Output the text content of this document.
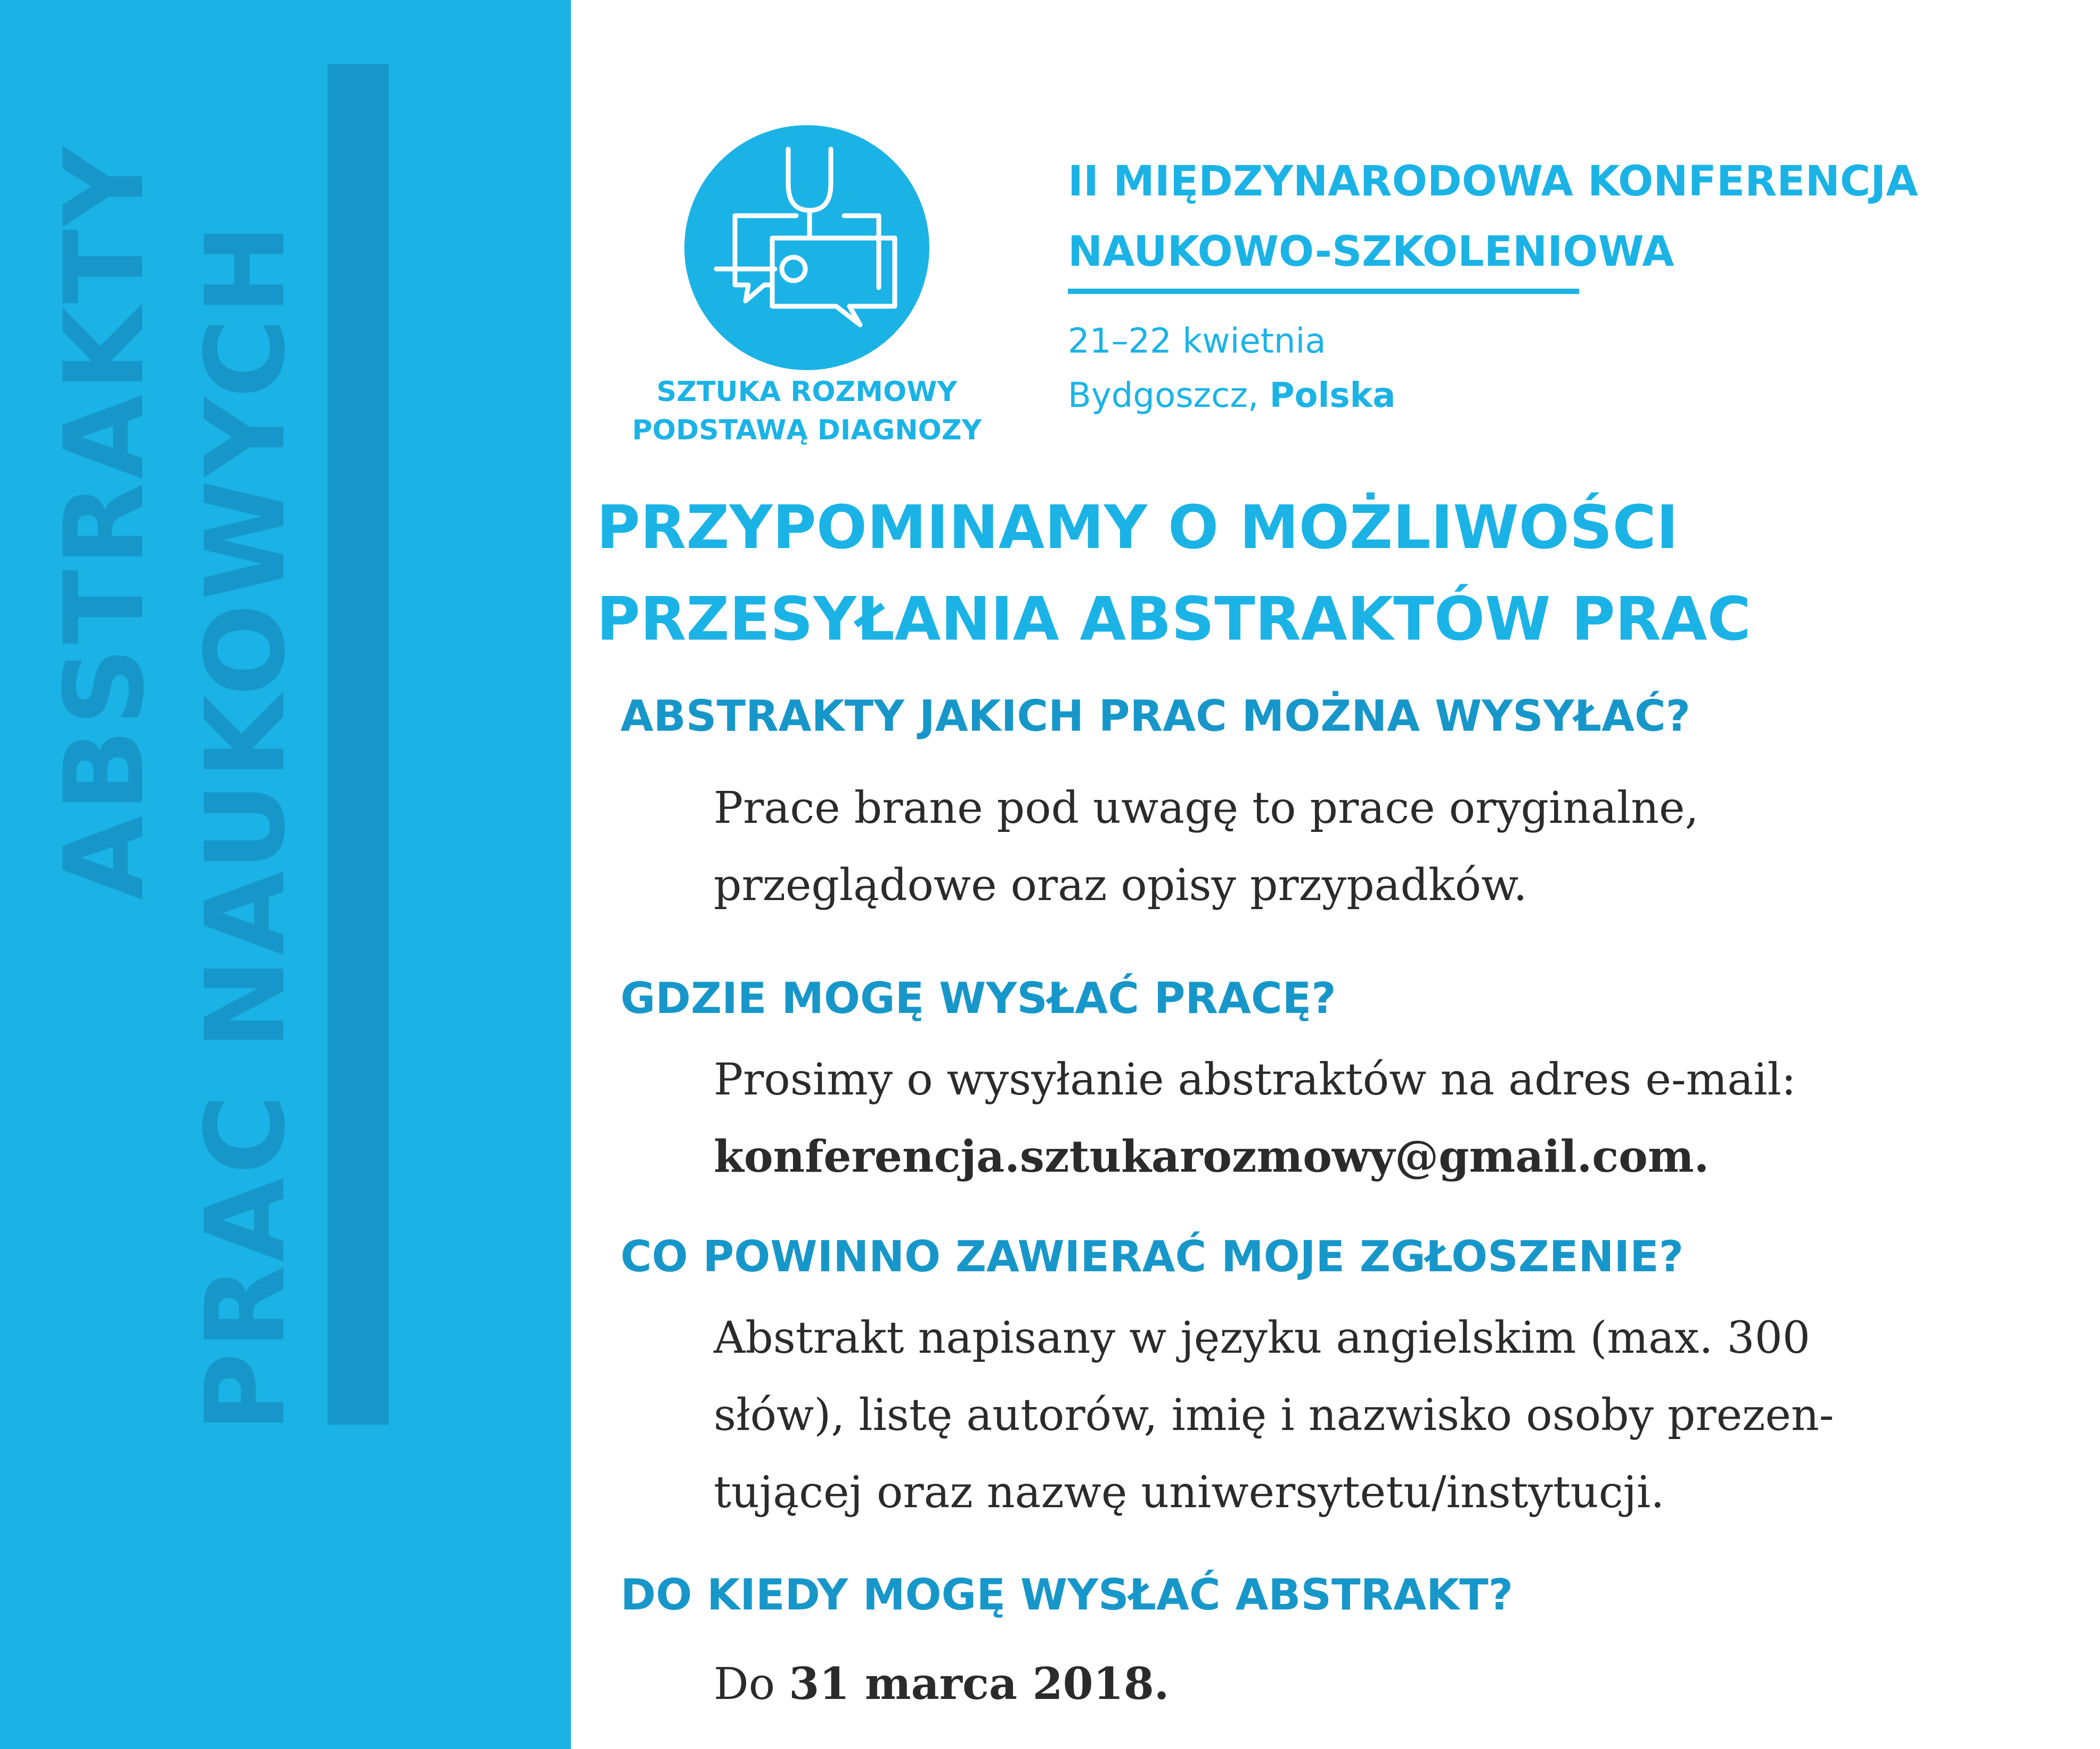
ABSTRAKTY PRAC NAUKOWYCH	SZTUKA ROZMOWY
PODSTAWĄ DIAGNOZY
II MIĘDZYNARODOWA KONFERENCJA
NAUKOWO-SZKOLENIOWA
21–22 kwietnia
Bydgoszcz, Polska
PRZYPOMINAMY O MOŻLIWOŚCI
PRZESYŁANIA ABSTRAKTÓW PRAC
ABSTRAKTY JAKICH PRAC MOŻNA WYSYŁAĆ?
Prace brane pod uwagę to prace oryginalne,
przeglądowe oraz opisy przypadków.
GDZIE MOGĘ WYSŁAĆ PRACĘ?
Prosimy o wysyłanie abstraktów na adres e-mail:
konferencja.sztukarozmowy@gmail.com.
CO POWINNO ZAWIERAĆ MOJE ZGŁOSZENIE?
Abstrakt napisany w języku angielskim (max. 300
słów), listę autorów, imię i nazwisko osoby prezen-
tującej oraz nazwę uniwersytetu/instytucji.
DO KIEDY MOGĘ WYSŁAĆ ABSTRAKT?
Do 31 marca 2018.
